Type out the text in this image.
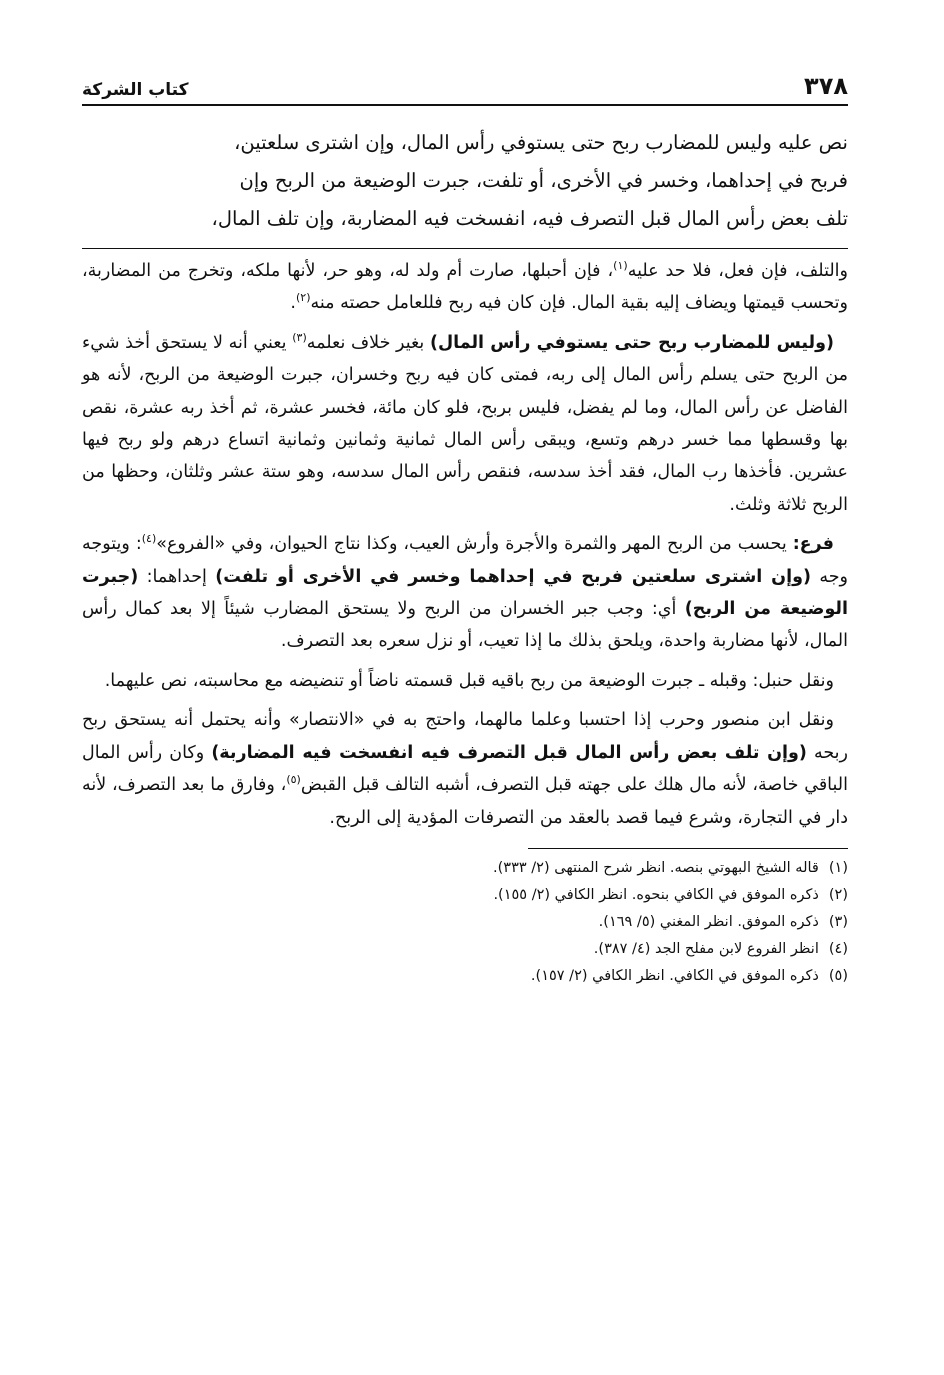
٣٧٨
كتاب الشركة

نص عليه وليس للمضارب ربح حتى يستوفي رأس المال، وإن اشترى سلعتين،

فربح في إحداهما، وخسر في الأخرى، أو تلفت، جبرت الوضيعة من الربح وإن

تلف بعض رأس المال قبل التصرف فيه، انفسخت فيه المضاربة، وإن تلف المال،

والتلف، فإن فعل، فلا حد عليه$^{(١)}$، فإن أحبلها، صارت أم ولد له، وهو حر، لأنها ملكه، وتخرج من المضاربة، وتحسب قيمتها ويضاف إليه بقية المال. فإن كان فيه ربح فللعامل حصته منه$^{(٢)}$.

(وليس للمضارب ربح حتى يستوفي رأس المال) بغير خلاف نعلمه$^{(٣)}$ يعني أنه لا يستحق أخذ شيء من الربح حتى يسلم رأس المال إلى ربه، فمتى كان فيه ربح وخسران، جبرت الوضيعة من الربح، لأنه هو الفاضل عن رأس المال، وما لم يفضل، فليس بربح، فلو كان مائة، فخسر عشرة، ثم أخذ ربه عشرة، نقص بها وقسطها مما خسر درهم وتسع، ويبقى رأس المال ثمانية وثمانين وثمانية اتساع درهم ولو ربح فيها عشرين. فأخذها رب المال، فقد أخذ سدسه، فنقص رأس المال سدسه، وهو ستة عشر وثلثان، وحظها من الربح ثلاثة وثلث.

فرع: يحسب من الربح المهر والثمرة والأجرة وأرش العيب، وكذا نتاج الحيوان، وفي «الفروع»$^{(٤)}$: ويتوجه وجه (وإن اشترى سلعتين فربح في إحداهما وخسر في الأخرى أو تلفت) إحداهما: (جبرت الوضيعة من الربح) أي: وجب جبر الخسران من الربح ولا يستحق المضارب شيئاً إلا بعد كمال رأس المال، لأنها مضاربة واحدة، ويلحق بذلك ما إذا تعيب، أو نزل سعره بعد التصرف.

ونقل حنبل: وقبله ـ جبرت الوضيعة من ربح باقيه قبل قسمته ناضاً أو تنضيضه مع محاسبته، نص عليهما.

ونقل ابن منصور وحرب إذا احتسبا وعلما مالهما، واحتج به في «الانتصار» وأنه يحتمل أنه يستحق ربح ربحه (وإن تلف بعض رأس المال قبل التصرف فيه انفسخت فيه المضاربة) وكان رأس المال الباقي خاصة، لأنه مال هلك على جهته قبل التصرف، أشبه التالف قبل القبض$^{(٥)}$، وفارق ما بعد التصرف، لأنه دار في التجارة، وشرع فيما قصد بالعقد من التصرفات المؤدية إلى الربح.

(١)
قاله الشيخ البهوتي بنصه. انظر شرح المنتهى (٢/ ٣٣٣).
(٢)
ذكره الموفق في الكافي بنحوه. انظر الكافي (٢/ ١٥٥).
(٣)
ذكره الموفق. انظر المغني (٥/ ١٦٩).
(٤)
انظر الفروع لابن مفلح الجد (٤/ ٣٨٧).
(٥)
ذكره الموفق في الكافي. انظر الكافي (٢/ ١٥٧).
